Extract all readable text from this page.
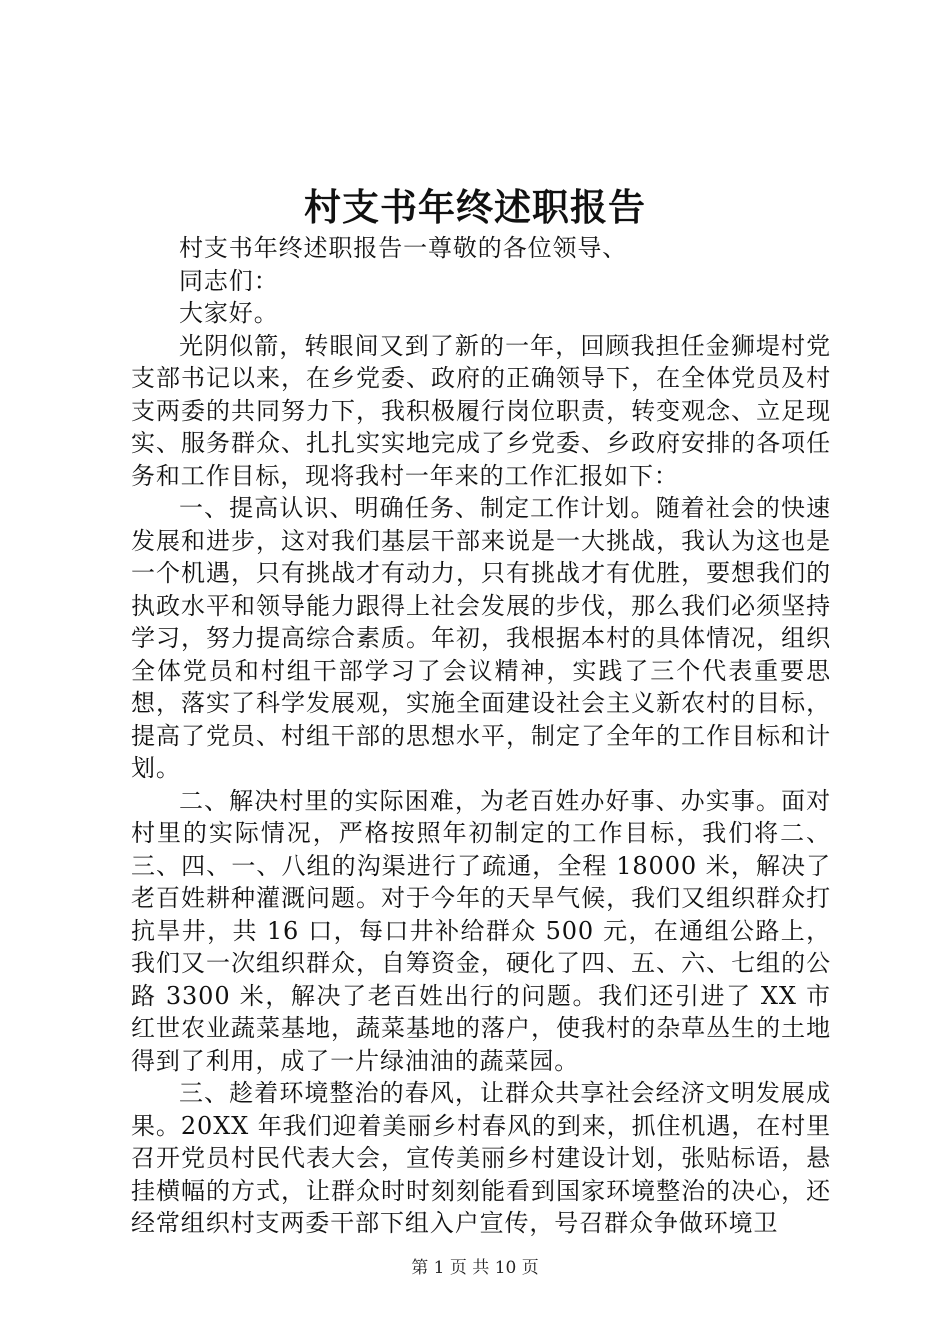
村支书年终述职报告

村支书年终述职报告一尊敬的各位领导、

同志们：

大家好。

光阴似箭，转眼间又到了新的一年，回顾我担任金狮堤村党支部书记以来，在乡党委、政府的正确领导下，在全体党员及村支两委的共同努力下，我积极履行岗位职责，转变观念、立足现实、服务群众、扎扎实实地完成了乡党委、乡政府安排的各项任务和工作目标，现将我村一年来的工作汇报如下：

一、提高认识、明确任务、制定工作计划。随着社会的快速发展和进步，这对我们基层干部来说是一大挑战，我认为这也是一个机遇，只有挑战才有动力，只有挑战才有优胜，要想我们的执政水平和领导能力跟得上社会发展的步伐，那么我们必须坚持学习，努力提高综合素质。年初，我根据本村的具体情况，组织全体党员和村组干部学习了会议精神，实践了三个代表重要思想，落实了科学发展观，实施全面建设社会主义新农村的目标，提高了党员、村组干部的思想水平，制定了全年的工作目标和计划。

二、解决村里的实际困难，为老百姓办好事、办实事。面对村里的实际情况，严格按照年初制定的工作目标，我们将二、三、四、一、八组的沟渠进行了疏通，全程 18000 米，解决了老百姓耕种灌溉问题。对于今年的天旱气候，我们又组织群众打抗旱井，共 16 口，每口井补给群众 500 元，在通组公路上，我们又一次组织群众，自筹资金，硬化了四、五、六、七组的公路 3300 米，解决了老百姓出行的问题。我们还引进了 XX 市红世农业蔬菜基地，蔬菜基地的落户，使我村的杂草丛生的土地得到了利用，成了一片绿油油的蔬菜园。

三、趁着环境整治的春风，让群众共享社会经济文明发展成果。20XX 年我们迎着美丽乡村春风的到来，抓住机遇，在村里召开党员村民代表大会，宣传美丽乡村建设计划，张贴标语，悬挂横幅的方式，让群众时时刻刻能看到国家环境整治的决心，还经常组织村支两委干部下组入户宣传，号召群众争做环境卫

第 1 页 共 10 页
